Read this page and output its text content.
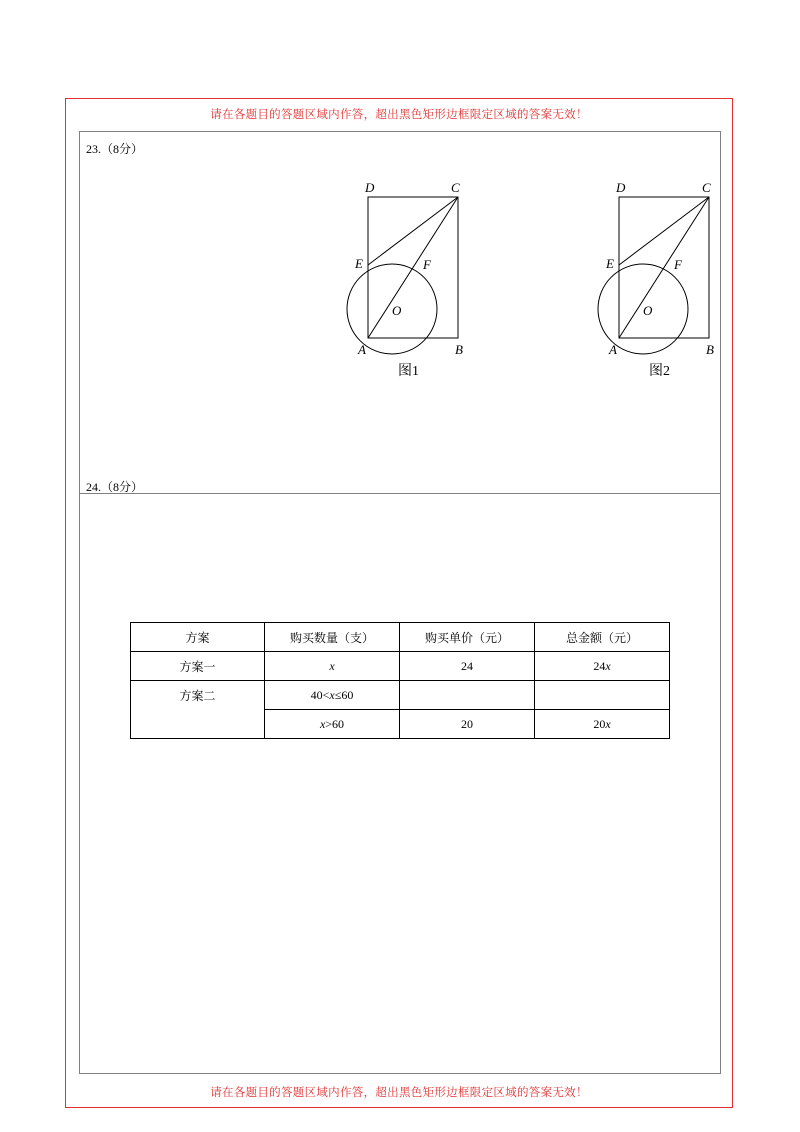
请在各题目的答题区域内作答，超出黑色矩形边框限定区域的答案无效！
请在各题目的答题区域内作答，超出黑色矩形边框限定区域的答案无效！
23.（8分）
D	C
E	F
O
A	B
图1
D	C
E	F
O
A	B
图2
24.（8分）
方案	购买数量（支）	购买单价（元）	总金额（元）
方案一	x	24	24x
方案二	40<x≤60		
	x>60	20	20x
